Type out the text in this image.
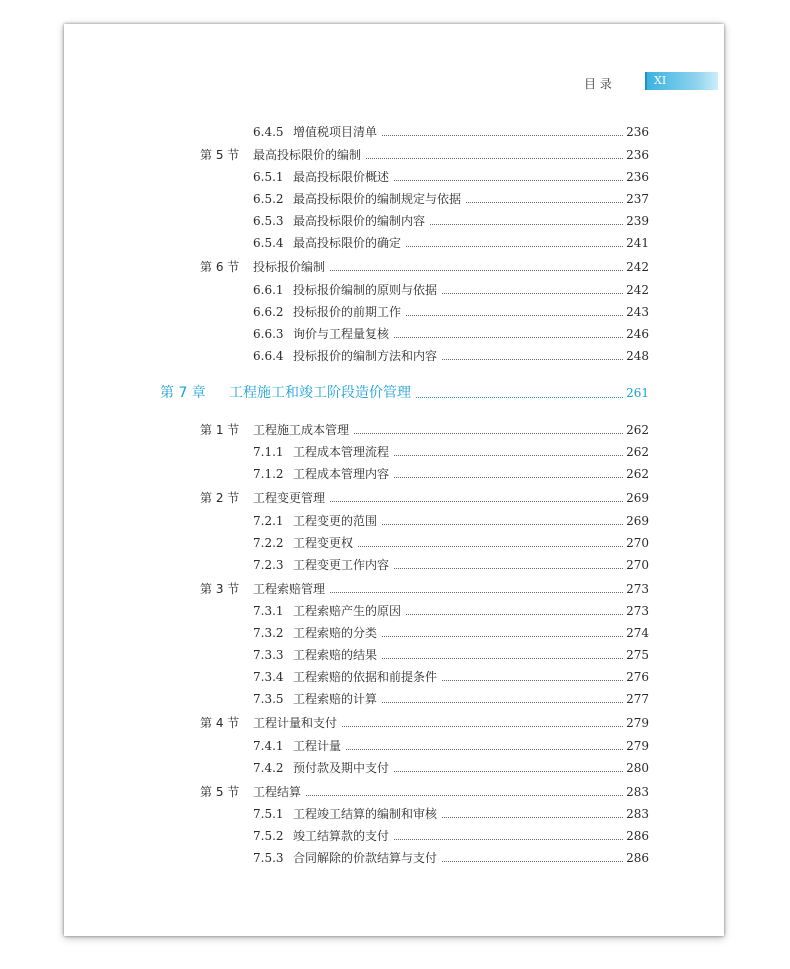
目 录	XI
6.4.5 增值税项目清单	236
第 5 节	最高投标限价的编制	236
6.5.1 最高投标限价概述	236
6.5.2 最高投标限价的编制规定与依据	237
6.5.3 最高投标限价的编制内容	239
6.5.4 最高投标限价的确定	241
第 6 节	投标报价编制	242
6.6.1 投标报价编制的原则与依据	242
6.6.2 投标报价的前期工作	243
6.6.3 询价与工程量复核	246
6.6.4 投标报价的编制方法和内容	248
第 7 章	工程施工和竣工阶段造价管理	261
第 1 节	工程施工成本管理	262
7.1.1 工程成本管理流程	262
7.1.2 工程成本管理内容	262
第 2 节	工程变更管理	269
7.2.1 工程变更的范围	269
7.2.2 工程变更权	270
7.2.3 工程变更工作内容	270
第 3 节	工程索赔管理	273
7.3.1 工程索赔产生的原因	273
7.3.2 工程索赔的分类	274
7.3.3 工程索赔的结果	275
7.3.4 工程索赔的依据和前提条件	276
7.3.5 工程索赔的计算	277
第 4 节	工程计量和支付	279
7.4.1 工程计量	279
7.4.2 预付款及期中支付	280
第 5 节	工程结算	283
7.5.1 工程竣工结算的编制和审核	283
7.5.2 竣工结算款的支付	286
7.5.3 合同解除的价款结算与支付	286
